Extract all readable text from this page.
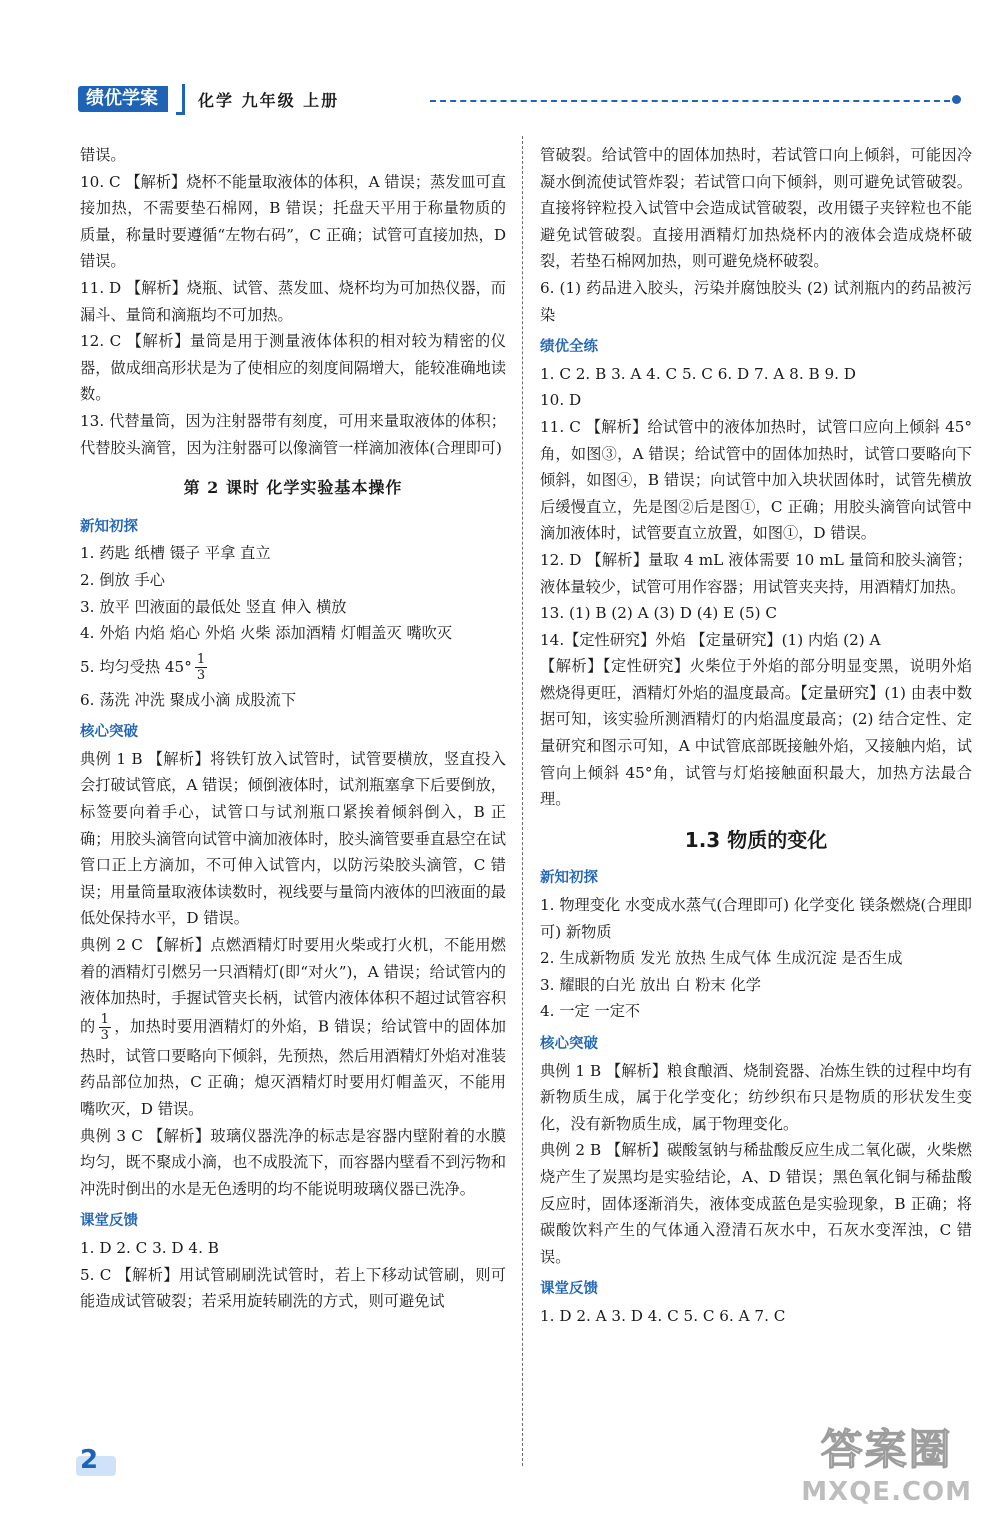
绩优学案	化学 九年级 上册

错误。

10. C 【解析】烧杯不能量取液体的体积，A 错误；蒸发皿可直接加热，不需要垫石棉网，B 错误；托盘天平用于称量物质的质量，称量时要遵循“左物右码”，C 正确；试管可直接加热，D 错误。

11. D 【解析】烧瓶、试管、蒸发皿、烧杯均为可加热仪器，而漏斗、量筒和滴瓶均不可加热。

12. C 【解析】量筒是用于测量液体体积的相对较为精密的仪器，做成细高形状是为了使相应的刻度间隔增大，能较准确地读数。

13. 代替量筒，因为注射器带有刻度，可用来量取液体的体积；代替胶头滴管，因为注射器可以像滴管一样滴加液体(合理即可)

第 2 课时 化学实验基本操作
新知初探

1. 药匙 纸槽 镊子 平拿 直立

2. 倒放 手心

3. 放平 凹液面的最低处 竖直 伸入 横放

4. 外焰 内焰 焰心 外焰 火柴 添加酒精 灯帽盖灭 嘴吹灭

5. 均匀受热 $45^\circ \frac{1}{3}$

6. 荡洗 冲洗 聚成小滴 成股流下

核心突破

典例 1 B 【解析】将铁钉放入试管时，试管要横放，竖直投入会打破试管底，A 错误；倾倒液体时，试剂瓶塞拿下后要倒放，标签要向着手心，试管口与试剂瓶口紧挨着倾斜倒入，B 正确；用胶头滴管向试管中滴加液体时，胶头滴管要垂直悬空在试管口正上方滴加，不可伸入试管内，以防污染胶头滴管，C 错误；用量筒量取液体读数时，视线要与量筒内液体的凹液面的最低处保持水平，D 错误。

典例 2 C 【解析】点燃酒精灯时要用火柴或打火机，不能用燃着的酒精灯引燃另一只酒精灯(即“对火”)，A 错误；给试管内的液体加热时，手握试管夹长柄，试管内液体体积不超过试管容积的 $\frac{1}{3}$ ，加热时要用酒精灯的外焰，B 错误；给试管中的固体加热时，试管口要略向下倾斜，先预热，然后用酒精灯外焰对准装药品部位加热，C 正确；熄灭酒精灯时要用灯帽盖灭，不能用嘴吹灭，D 错误。

典例 3 C 【解析】玻璃仪器洗净的标志是容器内壁附着的水膜均匀，既不聚成小滴，也不成股流下，而容器内壁看不到污物和冲洗时倒出的水是无色透明的均不能说明玻璃仪器已洗净。

课堂反馈

1. D 2. C 3. D 4. B

5. C 【解析】用试管刷刷洗试管时，若上下移动试管刷，则可能造成试管破裂；若采用旋转刷洗的方式，则可避免试

管破裂。给试管中的固体加热时，若试管口向上倾斜，可能因冷凝水倒流使试管炸裂；若试管口向下倾斜，则可避免试管破裂。直接将锌粒投入试管中会造成试管破裂，改用镊子夹锌粒也不能避免试管破裂。直接用酒精灯加热烧杯内的液体会造成烧杯破裂，若垫石棉网加热，则可避免烧杯破裂。

6. (1) 药品进入胶头，污染并腐蚀胶头 (2) 试剂瓶内的药品被污染

绩优全练

1. C 2. B 3. A 4. C 5. C 6. D 7. A 8. B 9. D

10. D

11. C 【解析】给试管中的液体加热时，试管口应向上倾斜 45°角，如图③，A 错误；给试管中的固体加热时，试管口要略向下倾斜，如图④，B 错误；向试管中加入块状固体时，试管先横放后缓慢直立，先是图②后是图①，C 正确；用胶头滴管向试管中滴加液体时，试管要直立放置，如图①，D 错误。

12. D 【解析】量取 4 mL 液体需要 10 mL 量筒和胶头滴管；液体量较少，试管可用作容器；用试管夹夹持，用酒精灯加热。

13. (1) B (2) A (3) D (4) E (5) C

14.【定性研究】外焰 【定量研究】(1) 内焰 (2) A

【解析】【定性研究】火柴位于外焰的部分明显变黑，说明外焰燃烧得更旺，酒精灯外焰的温度最高。【定量研究】(1) 由表中数据可知，该实验所测酒精灯的内焰温度最高；(2) 结合定性、定量研究和图示可知，A 中试管底部既接触外焰，又接触内焰，试管向上倾斜 45°角，试管与灯焰接触面积最大，加热方法最合理。

1.3 物质的变化
新知初探

1. 物理变化 水变成水蒸气(合理即可) 化学变化 镁条燃烧(合理即可) 新物质

2. 生成新物质 发光 放热 生成气体 生成沉淀 是否生成

3. 耀眼的白光 放出 白 粉末 化学

4. 一定 一定不

核心突破

典例 1 B 【解析】粮食酿酒、烧制瓷器、冶炼生铁的过程中均有新物质生成，属于化学变化；纺纱织布只是物质的形状发生变化，没有新物质生成，属于物理变化。

典例 2 B 【解析】碳酸氢钠与稀盐酸反应生成二氧化碳，火柴燃烧产生了炭黑均是实验结论，A、D 错误；黑色氧化铜与稀盐酸反应时，固体逐渐消失，液体变成蓝色是实验现象，B 正确；将碳酸饮料产生的气体通入澄清石灰水中，石灰水变浑浊，C 错误。

课堂反馈

1. D 2. A 3. D 4. C 5. C 6. A 7. C

2	答案圈
MXQE.COM
